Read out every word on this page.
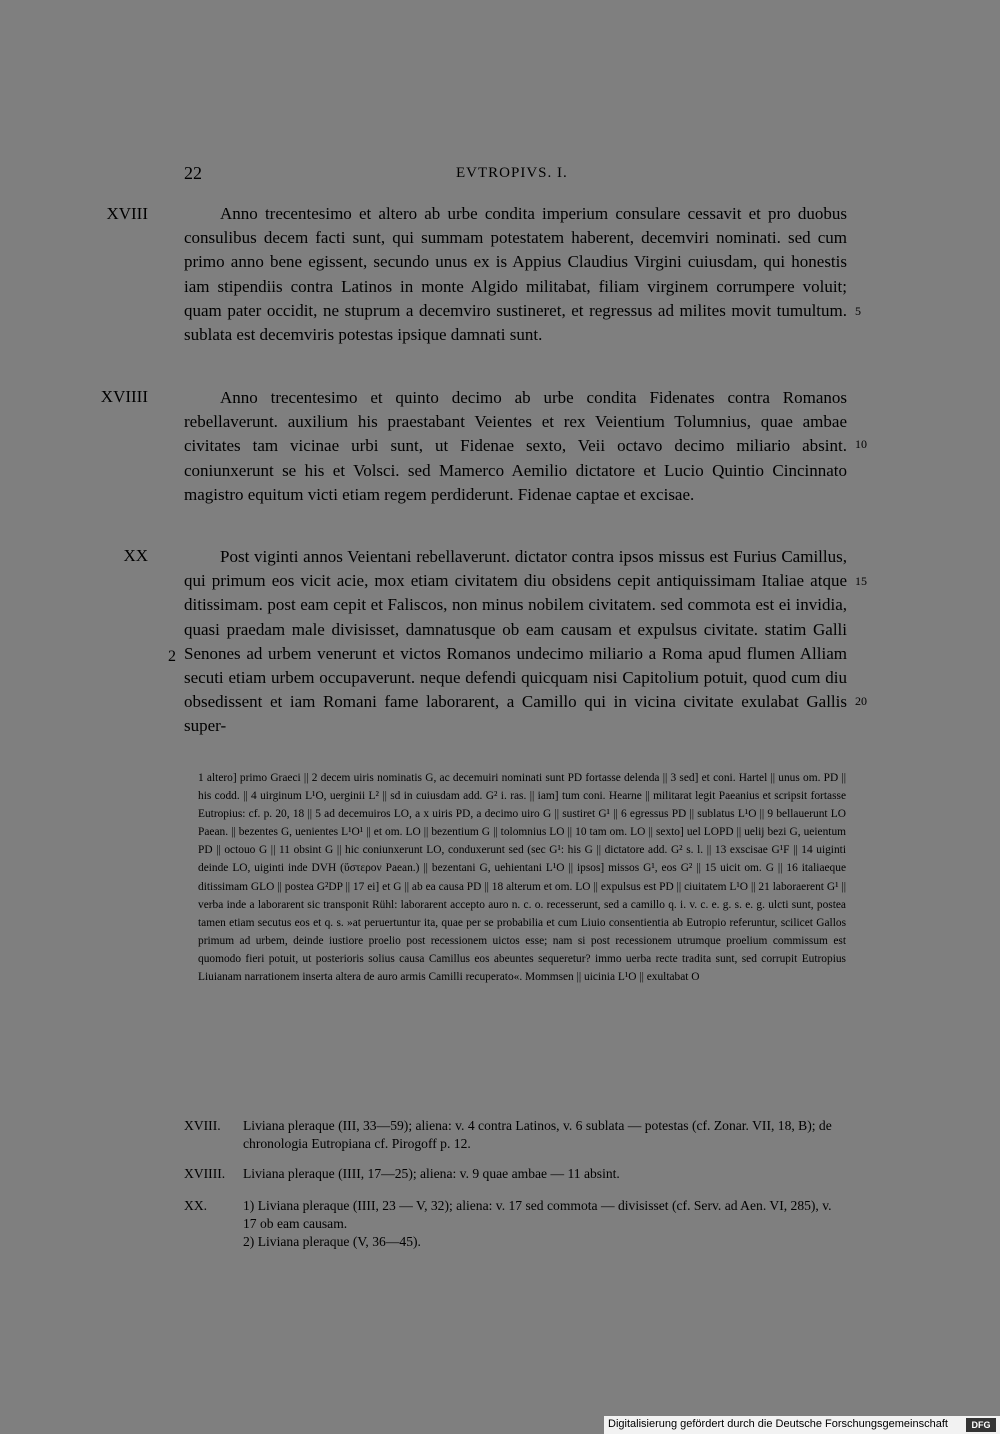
22	EVTROPIVS. I.
XVIII	Anno trecentesimo et altero ab urbe condita imperium consulare cessavit et pro duobus consulibus decem facti sunt, qui summam potestatem haberent, decemviri nominati. sed cum primo anno bene egissent, secundo unus ex is Appius Claudius Virgini cuiusdam, qui honestis iam stipendiis contra Latinos in monte Algido militabat, filiam virginem corrumpere voluit; quam pater occidit, ne stuprum a decemviro sustineret, et regressus ad milites movit tumultum. sublata est decemviris potestas ipsique damnati sunt.
XVIIII	Anno trecentesimo et quinto decimo ab urbe condita Fidenates contra Romanos rebellaverunt. auxilium his praestabant Veientes et rex Veientium Tolumnius, quae ambae civitates tam vicinae urbi sunt, ut Fidenae sexto, Veii octavo decimo miliario absint. coniunxerunt se his et Volsci. sed Mamerco Aemilio dictatore et Lucio Quintio Cincinnato magistro equitum victi etiam regem perdiderunt. Fidenae captae et excisae.
XX
2
Post viginti annos Veientani rebellaverunt. dictator contra ipsos missus est Furius Camillus, qui primum eos vicit acie, mox etiam civitatem diu obsidens cepit antiquissimam Italiae atque ditissimam. post eam cepit et Faliscos, non minus nobilem civitatem. sed commota est ei invidia, quasi praedam male divisisset, damnatusque ob eam causam et expulsus civitate. statim Galli Senones ad urbem venerunt et victos Romanos undecimo miliario a Roma apud flumen Alliam secuti etiam urbem occupaverunt. neque defendi quicquam nisi Capitolium potuit, quod cum diu obsedissent et iam Romani fame laborarent, a Camillo qui in vicina civitate exulabat Gallis super-
5
10
15
20
1 altero] primo Graeci || 2 decem uiris nominatis G, ac decemuiri nominati sunt PD fortasse delenda || 3 sed] et coni. Hartel || unus om. PD || his codd. || 4 uirginum L¹O, uerginii L² || sd in cuiusdam add. G² i. ras. || iam] tum coni. Hearne || militarat legit Paeanius et scripsit fortasse Eutropius: cf. p. 20, 18 || 5 ad decemuiros LO, a x uiris PD, a decimo uiro G || sustiret G¹ || 6 egressus PD || sublatus L¹O || 9 bellauerunt LO Paean. || bezentes G, uenientes L¹O¹ || et om. LO || bezentium G || tolomnius LO || 10 tam om. LO || sexto] uel LOPD || uelij bezi G, ueientum PD || octouo G || 11 obsint G || hic coniunxerunt LO, conduxerunt sed (sec G¹: his G || dictatore add. G² s. l. || 13 exscisae G¹F || 14 uiginti deinde LO, uiginti inde DVH (ὕστερον Paean.) || bezentani G, uehientani L¹O || ipsos] missos G¹, eos G² || 15 uicit om. G || 16 italiaeque ditissimam GLO || postea G²DP || 17 ei] et G || ab ea causa PD || 18 alterum et om. LO || expulsus est PD || ciuitatem L¹O || 21 laboraerent G¹ || verba inde a laborarent sic transponit Rühl: laborarent accepto auro n. c. o. recesserunt, sed a camillo q. i. v. c. e. g. s. e. g. ulcti sunt, postea tamen etiam secutus eos et q. s. »at peruertuntur ita, quae per se probabilia et cum Liuio consentientia ab Eutropio referuntur, scilicet Gallos primum ad urbem, deinde iustiore proelio post recessionem uictos esse; nam si post recessionem utrumque proelium commissum est quomodo fieri potuit, ut posterioris solius causa Camillus eos abeuntes sequeretur? immo uerba recte tradita sunt, sed corrupit Eutropius Liuianam narrationem inserta altera de auro armis Camilli recuperato«. Mommsen || uicinia L¹O || exultabat O
XVIII. Liviana pleraque (III, 33—59); aliena: v. 4 contra Latinos, v. 6 sublata — potestas (cf. Zonar. VII, 18, B); de chronologia Eutropiana cf. Pirogoff p. 12.
XVIIII. Liviana pleraque (IIII, 17—25); aliena: v. 9 quae ambae — 11 absint.
XX.	1) Liviana pleraque (IIII, 23 — V, 32); aliena: v. 17 sed commota — divisisset (cf. Serv. ad Aen. VI, 285), v. 17 ob eam causam.
2) Liviana pleraque (V, 36—45).
Digitalisierung gefördert durch die Deutsche Forschungsgemeinschaft	DFG
